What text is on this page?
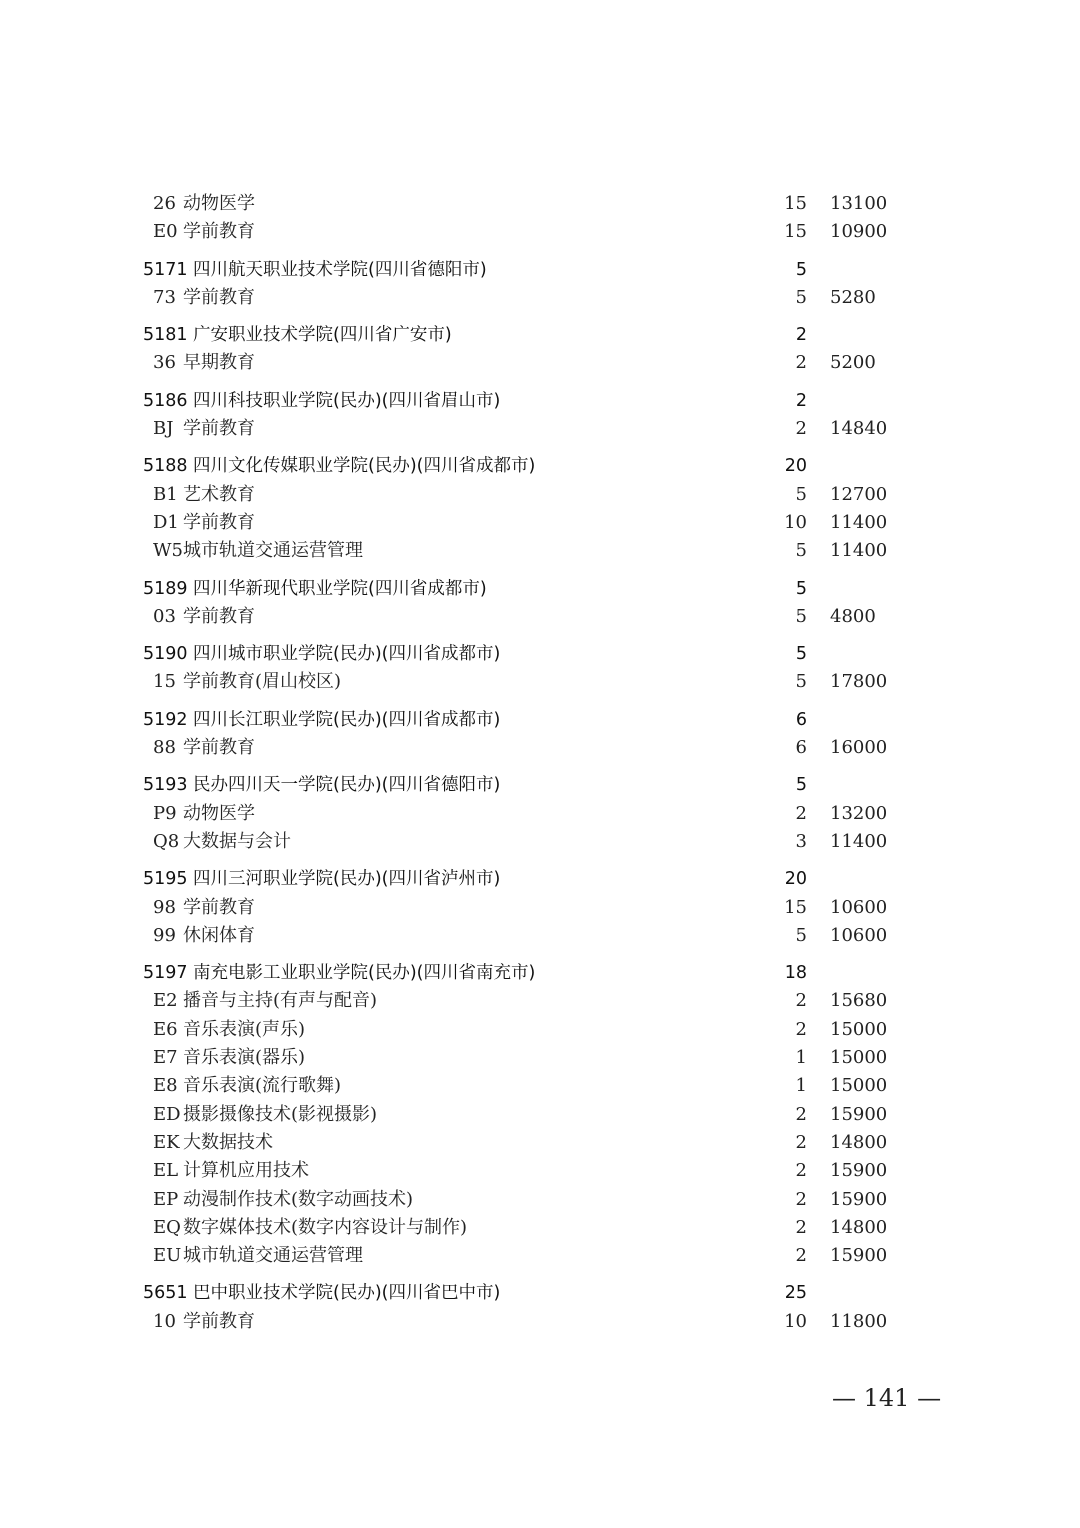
26 动物医学	15 13100
E0 学前教育	15 10900
5171 四川航天职业技术学院(四川省德阳市)	5
73 学前教育	5 5280
5181 广安职业技术学院(四川省广安市)	2
36 早期教育	2 5200
5186 四川科技职业学院(民办)(四川省眉山市)	2
BJ 学前教育	2 14840
5188 四川文化传媒职业学院(民办)(四川省成都市)	20
B1 艺术教育	5 12700
D1 学前教育	10 11400
W5 城市轨道交通运营管理	5 11400
5189 四川华新现代职业学院(四川省成都市)	5
03 学前教育	5 4800
5190 四川城市职业学院(民办)(四川省成都市)	5
15 学前教育(眉山校区)	5 17800
5192 四川长江职业学院(民办)(四川省成都市)	6
88 学前教育	6 16000
5193 民办四川天一学院(民办)(四川省德阳市)	5
P9 动物医学	2 13200
Q8 大数据与会计	3 11400
5195 四川三河职业学院(民办)(四川省泸州市)	20
98 学前教育	15 10600
99 休闲体育	5 10600
5197 南充电影工业职业学院(民办)(四川省南充市)	18
E2 播音与主持(有声与配音)	2 15680
E6 音乐表演(声乐)	2 15000
E7 音乐表演(器乐)	1 15000
E8 音乐表演(流行歌舞)	1 15000
ED 摄影摄像技术(影视摄影)	2 15900
EK 大数据技术	2 14800
EL 计算机应用技术	2 15900
EP 动漫制作技术(数字动画技术)	2 15900
EQ 数字媒体技术(数字内容设计与制作)	2 14800
EU 城市轨道交通运营管理	2 15900
5651 巴中职业技术学院(民办)(四川省巴中市)	25
10 学前教育	10 11800
— 141 —
